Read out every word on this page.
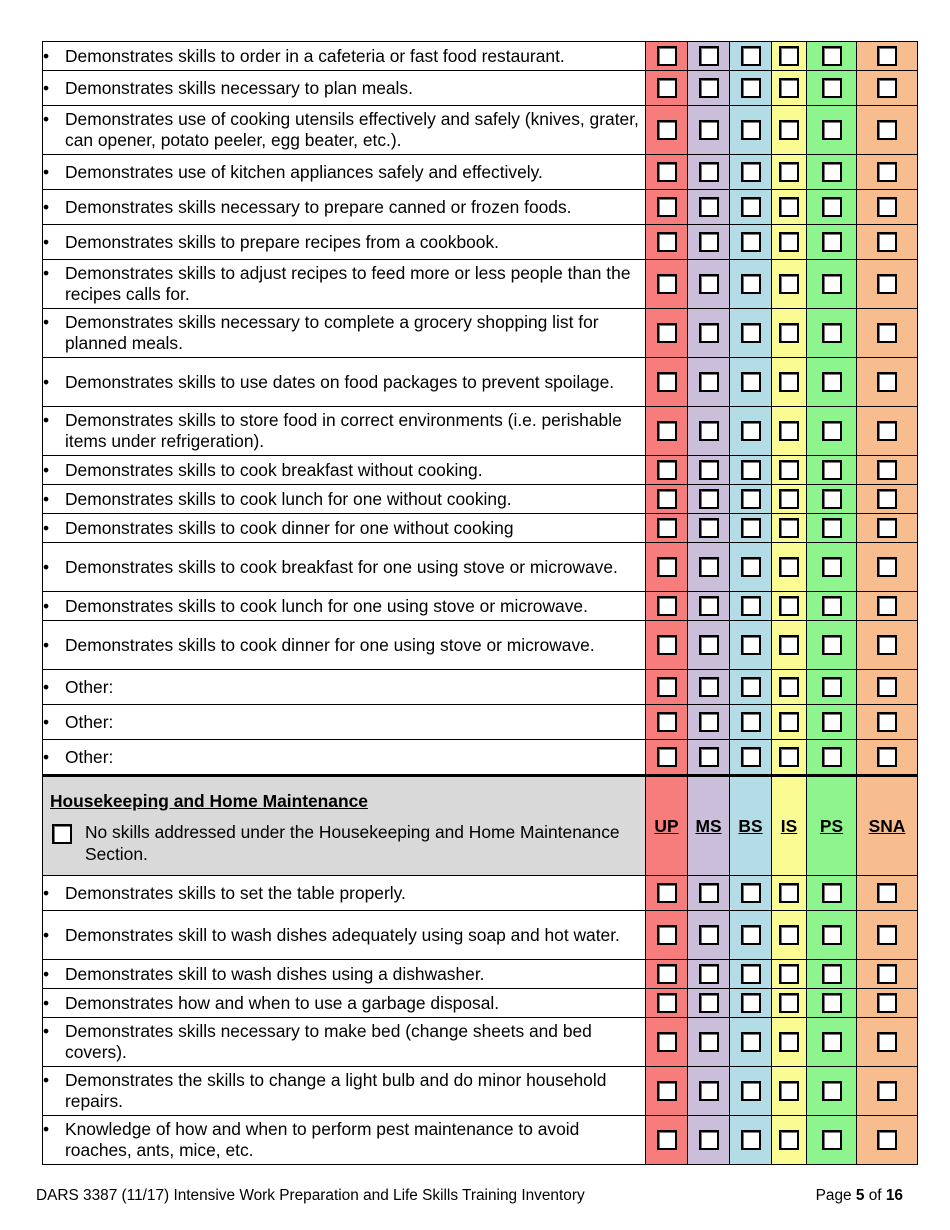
• Demonstrates skills to order in a cafeteria or fast food restaurant.						

• Demonstrates skills necessary to plan meals.						

• Demonstrates use of cooking utensils effectively and safely (knives, grater, can opener, potato peeler, egg beater, etc.).						

• Demonstrates use of kitchen appliances safely and effectively.						

• Demonstrates skills necessary to prepare canned or frozen foods.						

• Demonstrates skills to prepare recipes from a cookbook.						

• Demonstrates skills to adjust recipes to feed more or less people than the recipes calls for.						

• Demonstrates skills necessary to complete a grocery shopping list for planned meals.						

• Demonstrates skills to use dates on food packages to prevent spoilage.						

• Demonstrates skills to store food in correct environments (i.e. perishable items under refrigeration).						

• Demonstrates skills to cook breakfast without cooking.						

• Demonstrates skills to cook lunch for one without cooking.						

• Demonstrates skills to cook dinner for one without cooking						

• Demonstrates skills to cook breakfast for one using stove or microwave.						

• Demonstrates skills to cook lunch for one using stove or microwave.						

• Demonstrates skills to cook dinner for one using stove or microwave.						

• Other:						

• Other:						

• Other:						

Housekeeping and Home Maintenance
No skills addressed under the Housekeeping and Home Maintenance Section.	UP	MS	BS	IS	PS	SNA

• Demonstrates skills to set the table properly.						

• Demonstrates skill to wash dishes adequately using soap and hot water.						

• Demonstrates skill to wash dishes using a dishwasher.						

• Demonstrates how and when to use a garbage disposal.						

• Demonstrates skills necessary to make bed (change sheets and bed covers).						

• Demonstrates the skills to change a light bulb and do minor household repairs.						

• Knowledge of how and when to perform pest maintenance to avoid roaches, ants, mice, etc.						

DARS 3387 (11/17) Intensive Work Preparation and Life Skills Training Inventory	Page 5 of 16
